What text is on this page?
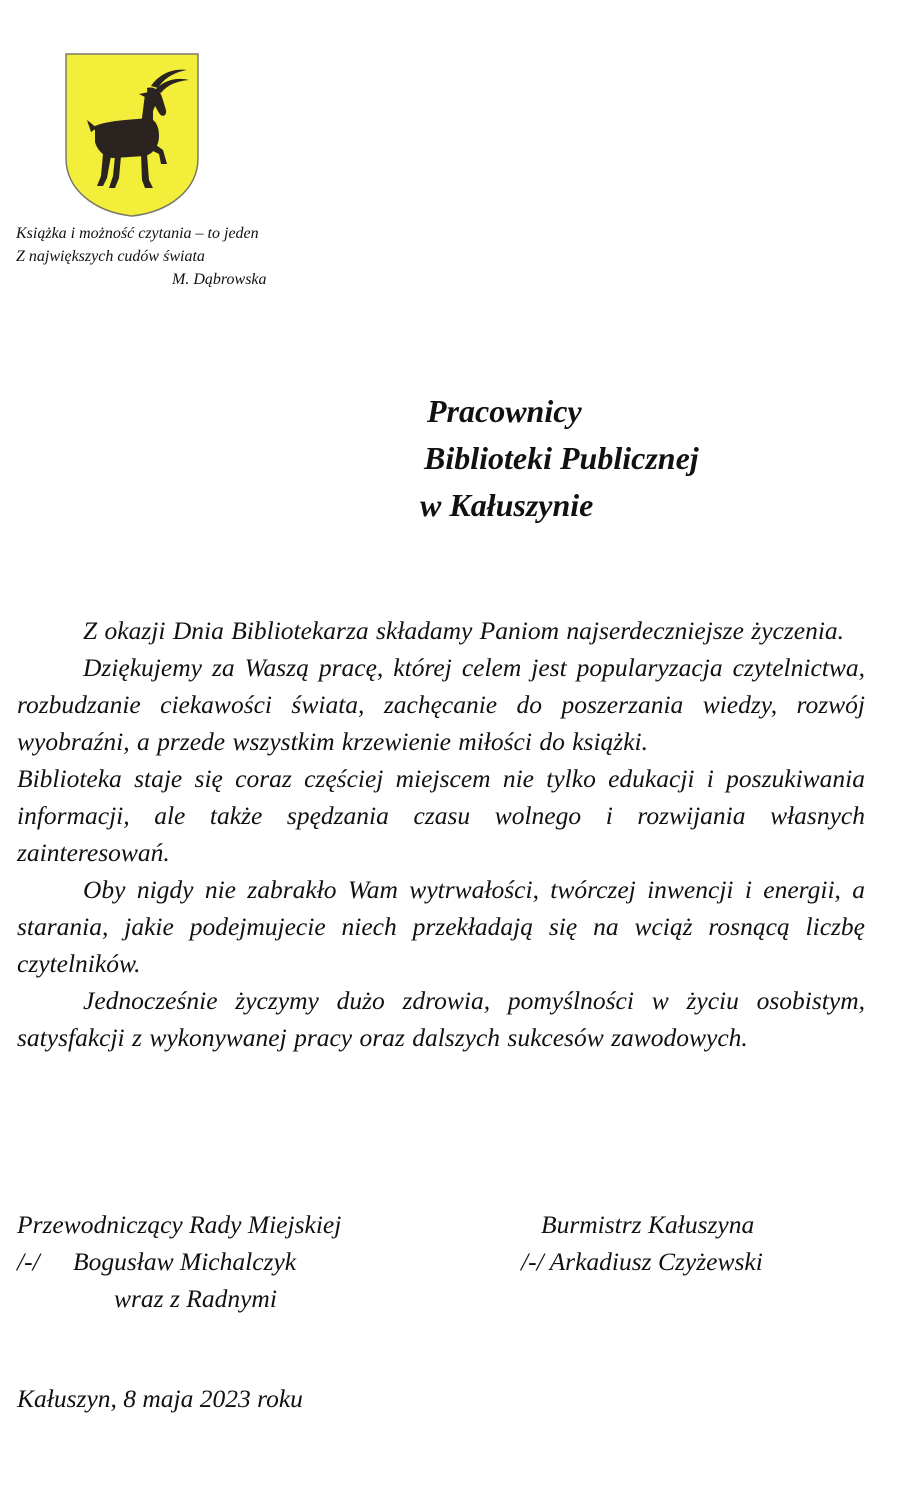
Książka i możność czytania – to jeden
Z największych cudów świata
M. Dąbrowska
Pracownicy
Biblioteki Publicznej
w Kałuszynie

Z okazji Dnia Bibliotekarza składamy Paniom najserdeczniejsze życzenia.

Dziękujemy za Waszą pracę, której celem jest popularyzacja czytelnictwa, rozbudzanie ciekawości świata, zachęcanie do poszerzania wiedzy, rozwój wyobraźni, a przede wszystkim krzewienie miłości do książki.

Biblioteka staje się coraz częściej miejscem nie tylko edukacji i poszukiwania informacji, ale także spędzania czasu wolnego i rozwijania własnych zainteresowań.

Oby nigdy nie zabrakło Wam wytrwałości, twórczej inwencji i energii, a starania, jakie podejmujecie niech przekładają się na wciąż rosnącą liczbę czytelników.

Jednocześnie życzymy dużo zdrowia, pomyślności w życiu osobistym, satysfakcji z wykonywanej pracy oraz dalszych sukcesów zawodowych.

Przewodniczący Rady Miejskiej
/-/ Bogusław Michalczyk
wraz z Radnymi
Burmistrz Kałuszyna
/-/ Arkadiusz Czyżewski
Kałuszyn, 8 maja 2023 roku
